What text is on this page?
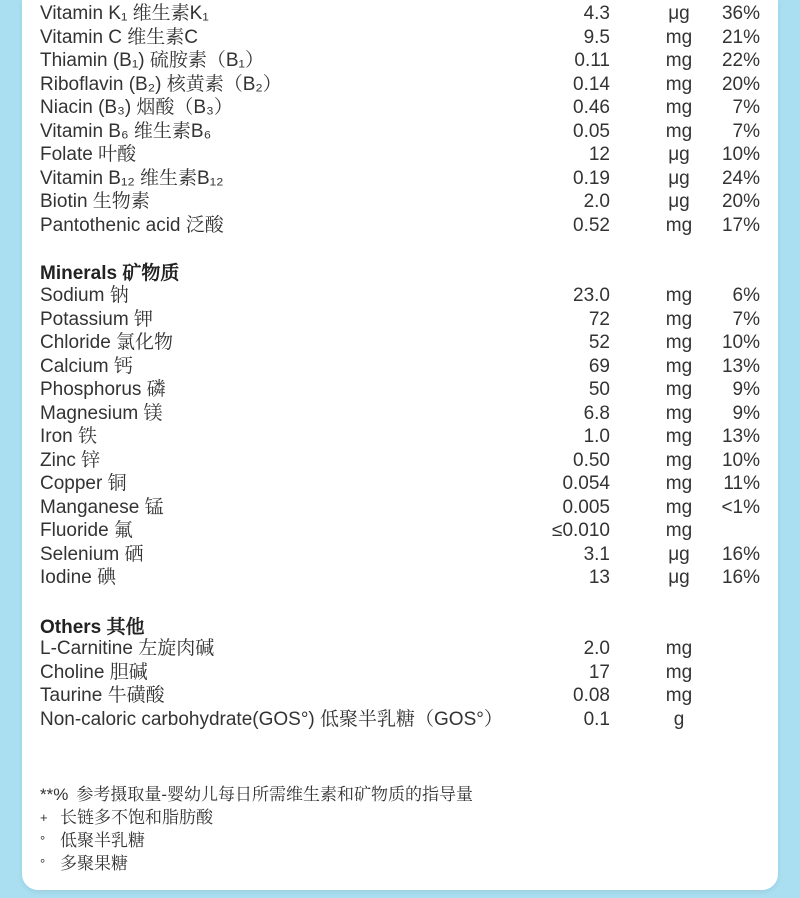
Vitamin K₁ 维生素K₁	4.3	μg	36%
Vitamin C 维生素C	9.5	mg	21%
Thiamin (B₁) 硫胺素（B₁）	0.11	mg	22%
Riboflavin (B₂) 核黄素（B₂）	0.14	mg	20%
Niacin (B₃) 烟酸（B₃）	0.46	mg	7%
Vitamin B₆ 维生素B₆	0.05	mg	7%
Folate 叶酸	12	μg	10%
Vitamin B₁₂ 维生素B₁₂	0.19	μg	24%
Biotin 生物素	2.0	μg	20%
Pantothenic acid 泛酸	0.52	mg	17%
Minerals 矿物质
Sodium 钠	23.0	mg	6%
Potassium 钾	72	mg	7%
Chloride 氯化物	52	mg	10%
Calcium 钙	69	mg	13%
Phosphorus 磷	50	mg	9%
Magnesium 镁	6.8	mg	9%
Iron 铁	1.0	mg	13%
Zinc 锌	0.50	mg	10%
Copper 铜	0.054	mg	11%
Manganese 锰	0.005	mg	<1%
Fluoride 氟	≤0.010	mg
Selenium 硒	3.1	μg	16%
Iodine 碘	13	μg	16%
Others 其他
L-Carnitine 左旋肉碱	2.0	mg
Choline 胆碱	17	mg
Taurine 牛磺酸	0.08	mg
Non-caloric carbohydrate(GOS°) 低聚半乳糖（GOS°）	0.1	g
**% 参考摄取量-婴幼儿每日所需维生素和矿物质的指导量
+ 长链多不饱和脂肪酸
° 低聚半乳糖
° 多聚果糖
